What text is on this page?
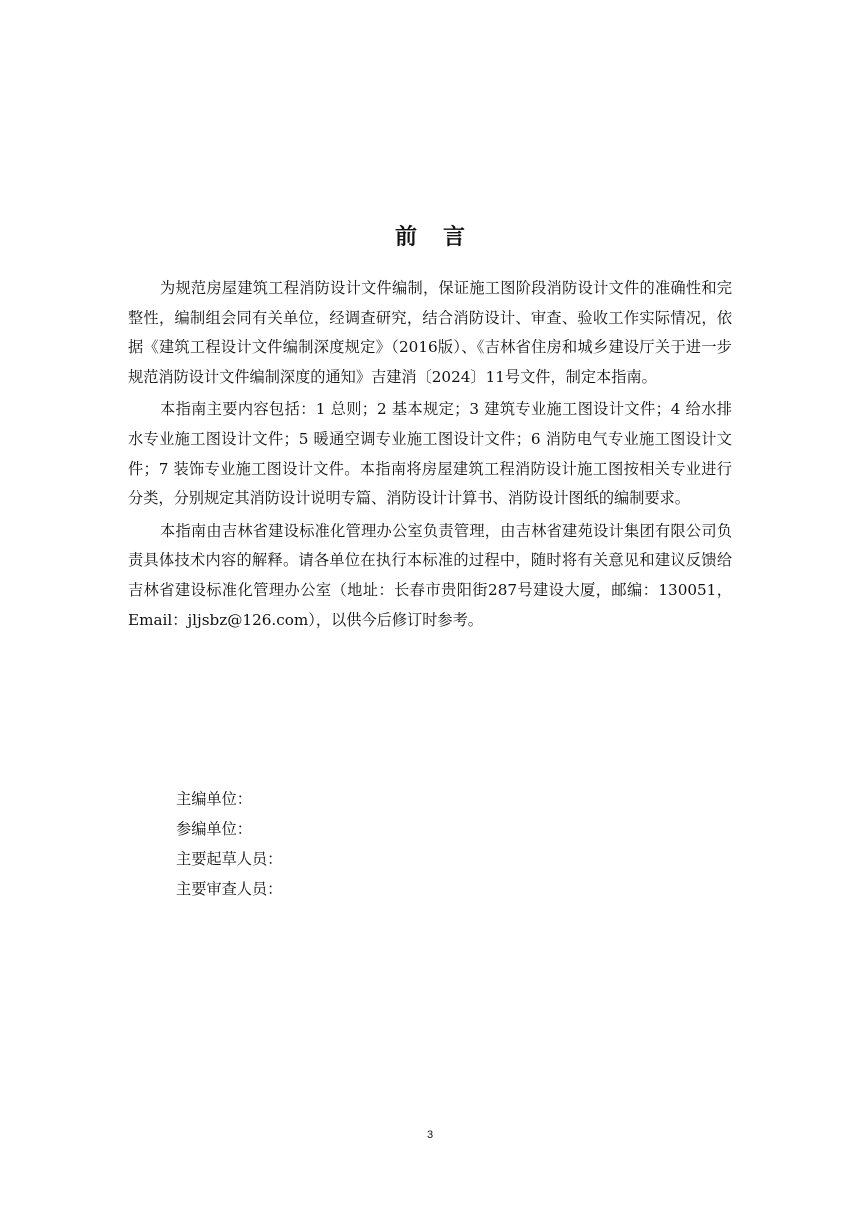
前 言

为规范房屋建筑工程消防设计文件编制，保证施工图阶段消防设计文件的准确性和完整性，编制组会同有关单位，经调查研究，结合消防设计、审查、验收工作实际情况，依据《建筑工程设计文件编制深度规定》（2016版）、《吉林省住房和城乡建设厅关于进一步规范消防设计文件编制深度的通知》吉建消〔2024〕11号文件，制定本指南。

本指南主要内容包括：1 总则；2 基本规定；3 建筑专业施工图设计文件；4 给水排水专业施工图设计文件；5 暖通空调专业施工图设计文件；6 消防电气专业施工图设计文件；7 装饰专业施工图设计文件。本指南将房屋建筑工程消防设计施工图按相关专业进行分类，分别规定其消防设计说明专篇、消防设计计算书、消防设计图纸的编制要求。

本指南由吉林省建设标准化管理办公室负责管理，由吉林省建苑设计集团有限公司负责具体技术内容的解释。请各单位在执行本标准的过程中，随时将有关意见和建议反馈给吉林省建设标准化管理办公室（地址：长春市贵阳街287号建设大厦，邮编：130051，Email：jljsbz@126.com），以供今后修订时参考。

主编单位：
参编单位：
主要起草人员：
主要审查人员：
3
